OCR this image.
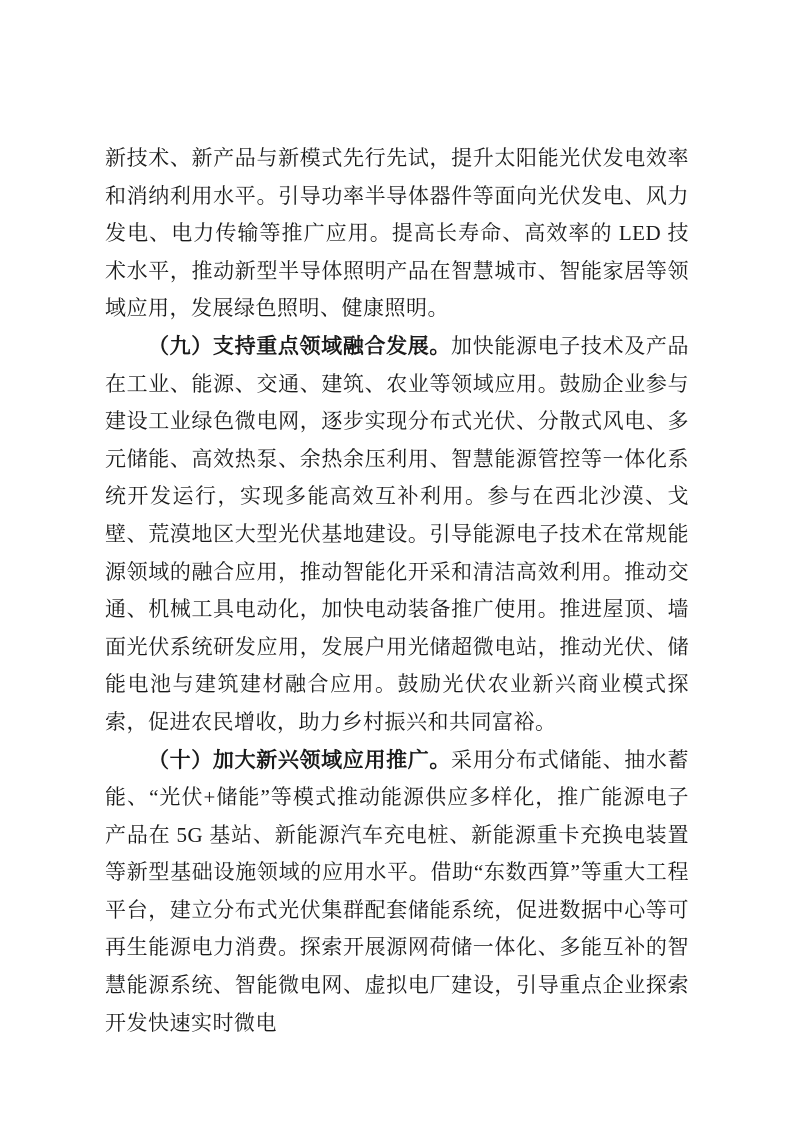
新技术、新产品与新模式先行先试，提升太阳能光伏发电效率和消纳利用水平。引导功率半导体器件等面向光伏发电、风力发电、电力传输等推广应用。提高长寿命、高效率的 LED 技术水平，推动新型半导体照明产品在智慧城市、智能家居等领域应用，发展绿色照明、健康照明。

（九）支持重点领域融合发展。加快能源电子技术及产品在工业、能源、交通、建筑、农业等领域应用。鼓励企业参与建设工业绿色微电网，逐步实现分布式光伏、分散式风电、多元储能、高效热泵、余热余压利用、智慧能源管控等一体化系统开发运行，实现多能高效互补利用。参与在西北沙漠、戈壁、荒漠地区大型光伏基地建设。引导能源电子技术在常规能源领域的融合应用，推动智能化开采和清洁高效利用。推动交通、机械工具电动化，加快电动装备推广使用。推进屋顶、墙面光伏系统研发应用，发展户用光储超微电站，推动光伏、储能电池与建筑建材融合应用。鼓励光伏农业新兴商业模式探索，促进农民增收，助力乡村振兴和共同富裕。

（十）加大新兴领域应用推广。采用分布式储能、抽水蓄能、“光伏+储能”等模式推动能源供应多样化，推广能源电子产品在 5G 基站、新能源汽车充电桩、新能源重卡充换电装置等新型基础设施领域的应用水平。借助“东数西算”等重大工程平台，建立分布式光伏集群配套储能系统，促进数据中心等可再生能源电力消费。探索开展源网荷储一体化、多能互补的智慧能源系统、智能微电网、虚拟电厂建设，引导重点企业探索开发快速实时微电
